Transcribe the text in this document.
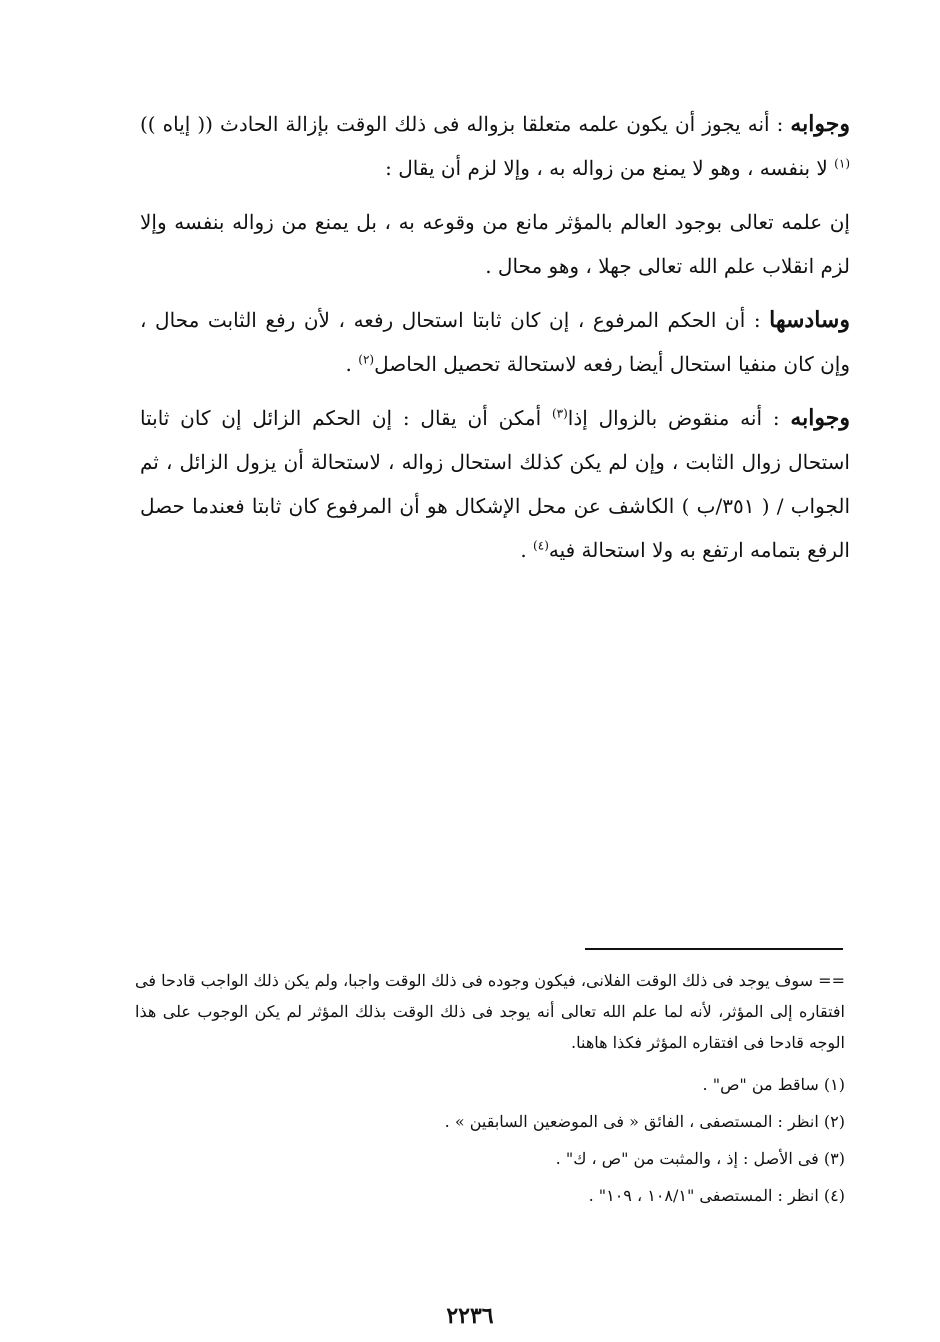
وجوابه : أنه يجوز أن يكون علمه متعلقا بزواله فى ذلك الوقت بإزالة الحادث (( إياه ))$^{(١)}$ لا بنفسه ، وهو لا يمنع من زواله به ، وإلا لزم أن يقال :

إن علمه تعالى بوجود العالم بالمؤثر مانع من وقوعه به ، بل يمنع من زواله بنفسه وإلا لزم انقلاب علم الله تعالى جهلا ، وهو محال .

وسادسها : أن الحكم المرفوع ، إن كان ثابتا استحال رفعه ، لأن رفع الثابت محال ، وإن كان منفيا استحال أيضا رفعه لاستحالة تحصيل الحاصل$^{(٢)}$ .

وجوابه : أنه منقوض بالزوال إذا$^{(٣)}$ أمكن أن يقال : إن الحكم الزائل إن كان ثابتا استحال زوال الثابت ، وإن لم يكن كذلك استحال زواله ، لاستحالة أن يزول الزائل ، ثم الجواب / ( ٣٥١/ب ) الكاشف عن محل الإشكال هو أن المرفوع كان ثابتا فعندما حصل الرفع بتمامه ارتفع به ولا استحالة فيه$^{(٤)}$ .

== سوف يوجد فى ذلك الوقت الفلانى، فيكون وجوده فى ذلك الوقت واجبا، ولم يكن ذلك الواجب قادحا فى افتقاره إلى المؤثر، لأنه لما علم الله تعالى أنه يوجد فى ذلك الوقت بذلك المؤثر لم يكن الوجوب على هذا الوجه قادحا فى افتقاره المؤثر فكذا هاهنا.

(١) ساقط من "ص" .

(٢) انظر : المستصفى ، الفائق « فى الموضعين السابقين » .

(٣) فى الأصل : إذ ، والمثبت من "ص ، ك" .

(٤) انظر : المستصفى "١٠٨/١ ، ١٠٩" .

٢٢٣٦
